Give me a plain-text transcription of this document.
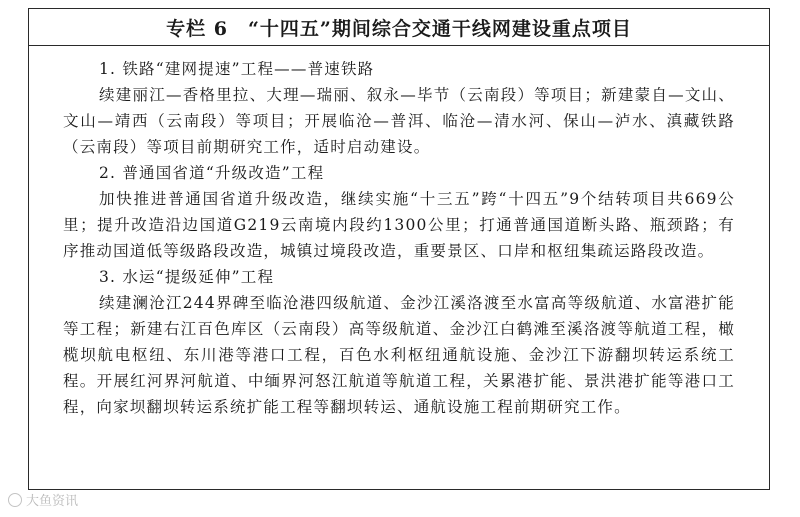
专栏 6 “十四五”期间综合交通干线网建设重点项目
1. 铁路“建网提速”工程——普速铁路

续建丽江—香格里拉、大理—瑞丽、叙永—毕节（云南段）等项目；新建蒙自—文山、文山—靖西（云南段）等项目；开展临沧—普洱、临沧—清水河、保山—泸水、滇藏铁路（云南段）等项目前期研究工作，适时启动建设。

2. 普通国省道“升级改造”工程

加快推进普通国省道升级改造，继续实施“十三五”跨“十四五”9个结转项目共669公里；提升改造沿边国道G219云南境内段约1300公里；打通普通国道断头路、瓶颈路；有序推动国道低等级路段改造，城镇过境段改造，重要景区、口岸和枢纽集疏运路段改造。

3. 水运“提级延伸”工程

续建澜沧江244界碑至临沧港四级航道、金沙江溪洛渡至水富高等级航道、水富港扩能等工程；新建右江百色库区（云南段）高等级航道、金沙江白鹤滩至溪洛渡等航道工程，橄榄坝航电枢纽、东川港等港口工程，百色水利枢纽通航设施、金沙江下游翻坝转运系统工程。开展红河界河航道、中缅界河怒江航道等航道工程，关累港扩能、景洪港扩能等港口工程，向家坝翻坝转运系统扩能工程等翻坝转运、通航设施工程前期研究工作。

大鱼资讯
